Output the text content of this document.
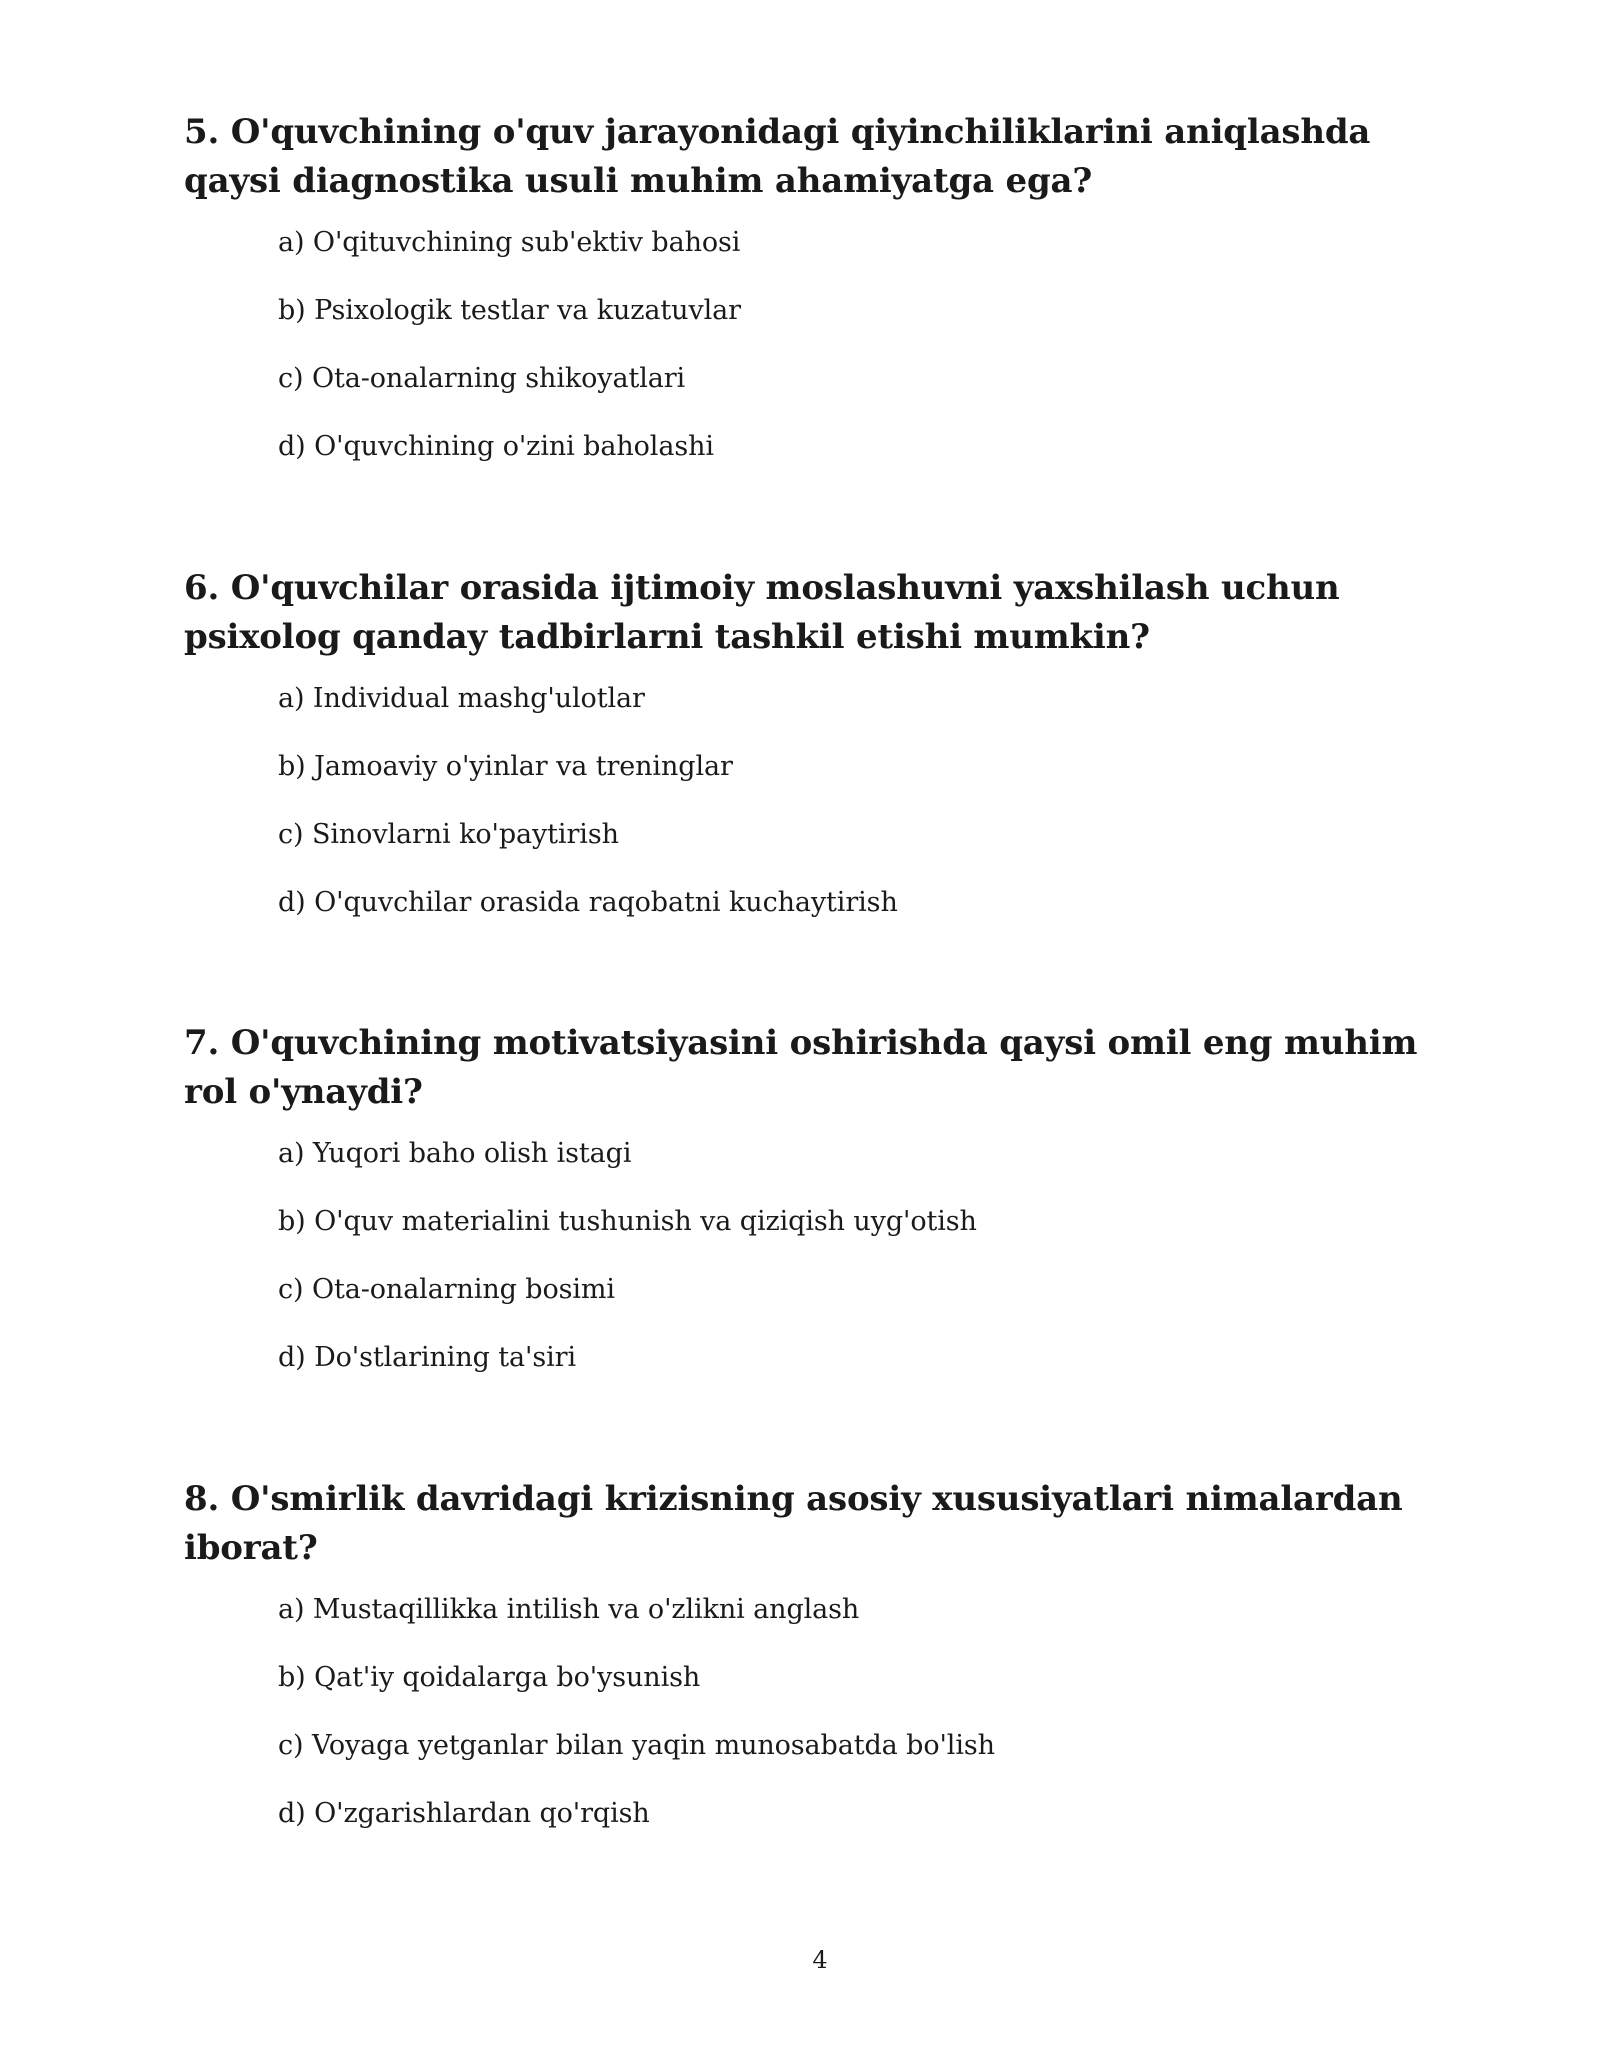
5. O'quvchining o'quv jarayonidagi qiyinchiliklarini aniqlashda qaysi diagnostika usuli muhim ahamiyatga ega?

a) O'qituvchining sub'ektiv bahosi
b) Psixologik testlar va kuzatuvlar
c) Ota-onalarning shikoyatlari
d) O'quvchining o'zini baholashi

6. O'quvchilar orasida ijtimoiy moslashuvni yaxshilash uchun psixolog qanday tadbirlarni tashkil etishi mumkin?

a) Individual mashg'ulotlar
b) Jamoaviy o'yinlar va treninglar
c) Sinovlarni ko'paytirish
d) O'quvchilar orasida raqobatni kuchaytirish

7. O'quvchining motivatsiyasini oshirishda qaysi omil eng muhim rol o'ynaydi?

a) Yuqori baho olish istagi
b) O'quv materialini tushunish va qiziqish uyg'otish
c) Ota-onalarning bosimi
d) Do'stlarining ta'siri

8. O'smirlik davridagi krizisning asosiy xususiyatlari nimalardan iborat?

a) Mustaqillikka intilish va o'zlikni anglash
b) Qat'iy qoidalarga bo'ysunish
c) Voyaga yetganlar bilan yaqin munosabatda bo'lish
d) O'zgarishlardan qo'rqish
4
